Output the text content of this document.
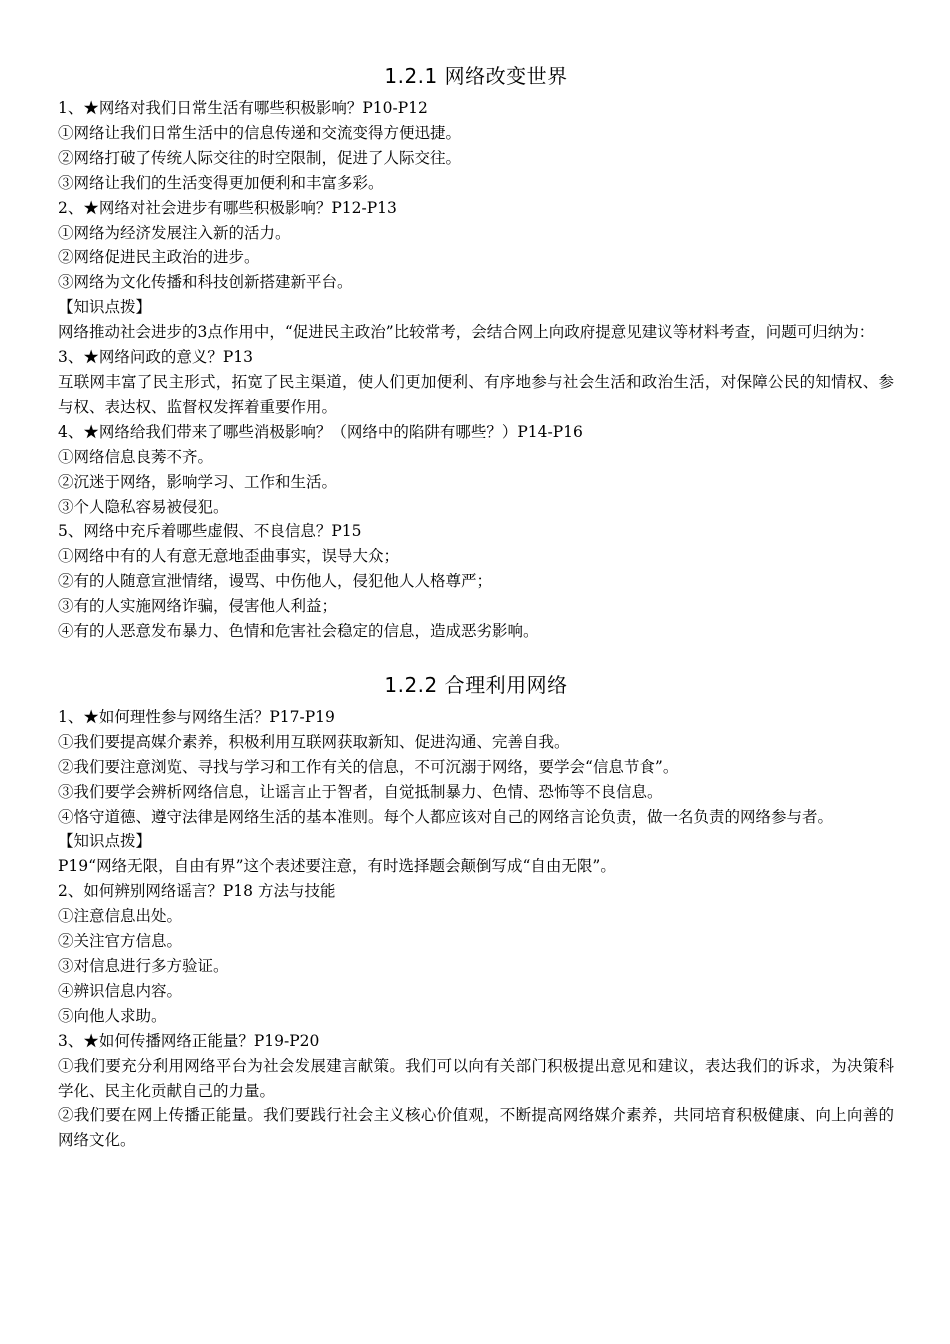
1.2.1 网络改变世界
1、★网络对我们日常生活有哪些积极影响？P10-P12
①网络让我们日常生活中的信息传递和交流变得方便迅捷。
②网络打破了传统人际交往的时空限制，促进了人际交往。
③网络让我们的生活变得更加便利和丰富多彩。
2、★网络对社会进步有哪些积极影响？P12-P13
①网络为经济发展注入新的活力。
②网络促进民主政治的进步。
③网络为文化传播和科技创新搭建新平台。
【知识点拨】
网络推动社会进步的3点作用中，“促进民主政治”比较常考，会结合网上向政府提意见建议等材料考查，问题可归纳为：
3、★网络问政的意义？P13
互联网丰富了民主形式，拓宽了民主渠道，使人们更加便利、有序地参与社会生活和政治生活，对保障公民的知情权、参与权、表达权、监督权发挥着重要作用。
4、★网络给我们带来了哪些消极影响？（网络中的陷阱有哪些？）P14-P16
①网络信息良莠不齐。
②沉迷于网络，影响学习、工作和生活。
③个人隐私容易被侵犯。
5、网络中充斥着哪些虚假、不良信息？P15
①网络中有的人有意无意地歪曲事实，误导大众；
②有的人随意宣泄情绪，谩骂、中伤他人，侵犯他人人格尊严；
③有的人实施网络诈骗，侵害他人利益；
④有的人恶意发布暴力、色情和危害社会稳定的信息，造成恶劣影响。
1.2.2 合理利用网络
1、★如何理性参与网络生活？P17-P19
①我们要提高媒介素养，积极利用互联网获取新知、促进沟通、完善自我。
②我们要注意浏览、寻找与学习和工作有关的信息，不可沉溺于网络，要学会“信息节食”。
③我们要学会辨析网络信息，让谣言止于智者，自觉抵制暴力、色情、恐怖等不良信息。
④恪守道德、遵守法律是网络生活的基本准则。每个人都应该对自己的网络言论负责，做一名负责的网络参与者。
【知识点拨】
P19“网络无限，自由有界”这个表述要注意，有时选择题会颠倒写成“自由无限”。
2、如何辨别网络谣言？P18 方法与技能
①注意信息出处。
②关注官方信息。
③对信息进行多方验证。
④辨识信息内容。
⑤向他人求助。
3、★如何传播网络正能量？P19-P20
①我们要充分利用网络平台为社会发展建言献策。我们可以向有关部门积极提出意见和建议，表达我们的诉求，为决策科学化、民主化贡献自己的力量。
②我们要在网上传播正能量。我们要践行社会主义核心价值观，不断提高网络媒介素养，共同培育积极健康、向上向善的网络文化。
